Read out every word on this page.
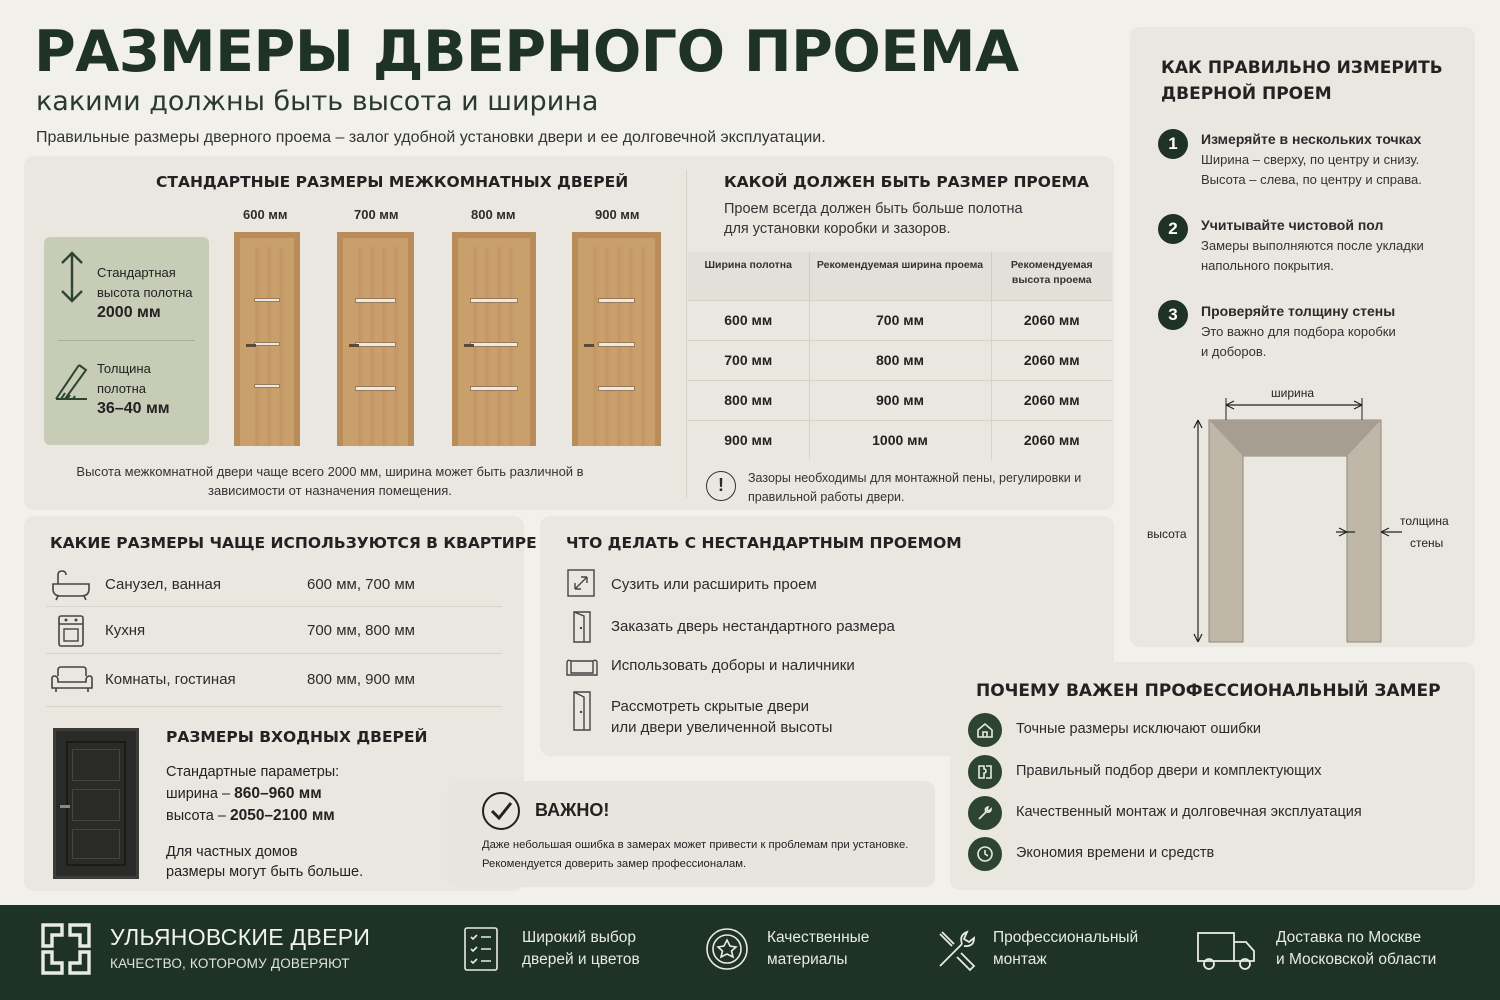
РАЗМЕРЫ ДВЕРНОГО ПРОЕМА
какими должны быть высота и ширина
Правильные размеры дверного проема – залог удобной установки двери и ее долговечной эксплуатации.
СТАНДАРТНЫЕ РАЗМЕРЫ МЕЖКОМНАТНЫХ ДВЕРЕЙ
Стандартная высота полотна
2000 мм
Толщина полотна
36–40 мм
600 мм	700 мм	800 мм	900 мм
Высота межкомнатной двери чаще всего 2000 мм, ширина может быть различной в зависимости от назначения помещения.
КАКОЙ ДОЛЖЕН БЫТЬ РАЗМЕР ПРОЕМА
Проем всегда должен быть больше полотна
для установки коробки и зазоров.
Ширина полотна	Рекомендуемая ширина проема	Рекомендуемая высота проема
600 мм	700 мм	2060 мм
700 мм	800 мм	2060 мм
800 мм	900 мм	2060 мм
900 мм	1000 мм	2060 мм
!	Зазоры необходимы для монтажной пены, регулировки и правильной работы двери.
КАК ПРАВИЛЬНО ИЗМЕРИТЬ
ДВЕРНОЙ ПРОЕМ
1	Измеряйте в нескольких точках
Ширина – сверху, по центру и снизу.
Высота – слева, по центру и справа.
2	Учитывайте чистовой пол
Замеры выполняются после укладки
напольного покрытия.
3	Проверяйте толщину стены
Это важно для подбора коробки
и доборов.
ширина
высота
толщина
стены
КАКИЕ РАЗМЕРЫ ЧАЩЕ ИСПОЛЬЗУЮТСЯ В КВАРТИРЕ
Санузел, ванная	600 мм, 700 мм
Кухня	700 мм, 800 мм
Комнаты, гостиная	800 мм, 900 мм
РАЗМЕРЫ ВХОДНЫХ ДВЕРЕЙ
Стандартные параметры:
ширина – 860–960 мм
высота – 2050–2100 мм
Для частных домов
размеры могут быть больше.
ЧТО ДЕЛАТЬ С НЕСТАНДАРТНЫМ ПРОЕМОМ
Сузить или расширить проем
Заказать дверь нестандартного размера
Использовать доборы и наличники
Рассмотреть скрытые двери
или двери увеличенной высоты
ВАЖНО!
Даже небольшая ошибка в замерах может привести к проблемам при установке.
Рекомендуется доверить замер профессионалам.
ПОЧЕМУ ВАЖЕН ПРОФЕССИОНАЛЬНЫЙ ЗАМЕР
Точные размеры исключают ошибки
Правильный подбор двери и комплектующих
Качественный монтаж и долговечная эксплуатация
Экономия времени и средств
УЛЬЯНОВСКИЕ ДВЕРИ
КАЧЕСТВО, КОТОРОМУ ДОВЕРЯЮТ
Широкий выбор
дверей и цветов
Качественные
материалы
Профессиональный
монтаж
Доставка по Москве
и Московской области
